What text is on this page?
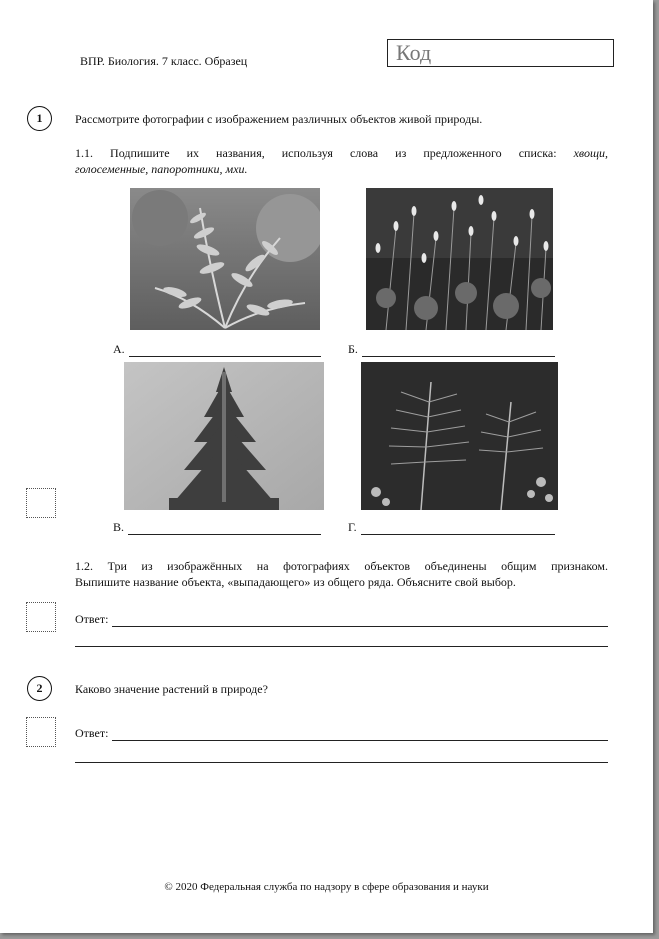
ВПР. Биология. 7 класс. Образец	Код
1	Рассмотрите фотографии с изображением различных объектов живой природы.
1.1. Подпишите их названия, используя слова из предложенного списка: хвощи,
голосеменные, папоротники, мхи.
А.	Б.
В.	Г.
1.2. Три из изображённых на фотографиях объектов объединены общим признаком.
Выпишите название объекта, «выпадающего» из общего ряда. Объясните свой выбор.
Ответ:
2	Каково значение растений в природе?
Ответ:
© 2020 Федеральная служба по надзору в сфере образования и науки
